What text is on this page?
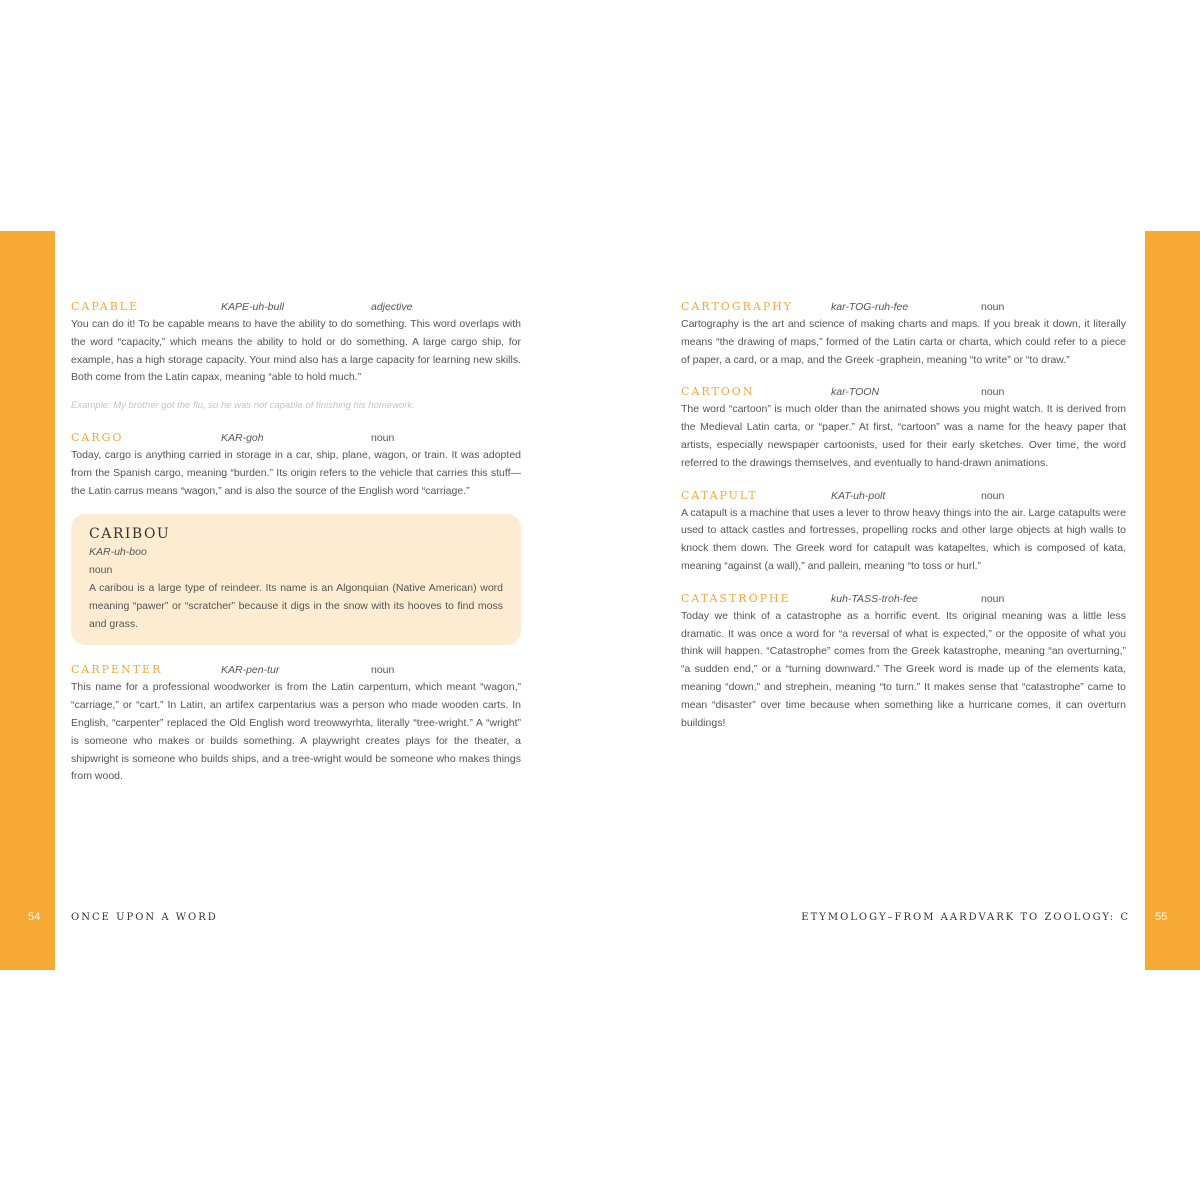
CAPABLE	KAPE-uh-bull	adjective

You can do it! To be capable means to have the ability to do something. This word overlaps with the word “capacity,” which means the ability to hold or do something. A large cargo ship, for example, has a high storage capacity. Your mind also has a large capacity for learning new skills. Both come from the Latin capax, meaning “able to hold much.”

Example: My brother got the flu, so he was not capable of finishing his homework.
CARGO	KAR-goh	noun

Today, cargo is anything carried in storage in a car, ship, plane, wagon, or train. It was adopted from the Spanish cargo, meaning “burden.” Its origin refers to the vehicle that carries this stuff—the Latin carrus means “wagon,” and is also the source of the English word “carriage.”

CARIBOU
KAR-uh-boo
noun

A caribou is a large type of reindeer. Its name is an Algonquian (Native American) word meaning “pawer” or “scratcher” because it digs in the snow with its hooves to find moss and grass.

CARPENTER	KAR-pen-tur	noun

This name for a professional woodworker is from the Latin carpentum, which meant “wagon,” “carriage,” or “cart.” In Latin, an artifex carpentarius was a person who made wooden carts. In English, “carpenter” replaced the Old English word treowwyrhta, literally “tree-wright.” A “wright” is someone who makes or builds something. A playwright creates plays for the theater, a shipwright is someone who builds ships, and a tree-wright would be someone who makes things from wood.

CARTOGRAPHY	kar-TOG-ruh-fee	noun

Cartography is the art and science of making charts and maps. If you break it down, it literally means “the drawing of maps,” formed of the Latin carta or charta, which could refer to a piece of paper, a card, or a map, and the Greek -graphein, meaning “to write” or “to draw.”

CARTOON	kar-TOON	noun

The word “cartoon” is much older than the animated shows you might watch. It is derived from the Medieval Latin carta, or “paper.” At first, “cartoon” was a name for the heavy paper that artists, especially newspaper cartoonists, used for their early sketches. Over time, the word referred to the drawings themselves, and eventually to hand-drawn animations.

CATAPULT	KAT-uh-polt	noun

A catapult is a machine that uses a lever to throw heavy things into the air. Large catapults were used to attack castles and fortresses, propelling rocks and other large objects at high walls to knock them down. The Greek word for catapult was katapeltes, which is composed of kata, meaning “against (a wall),” and pallein, meaning “to toss or hurl.”

CATASTROPHE	kuh-TASS-troh-fee	noun

Today we think of a catastrophe as a horrific event. Its original meaning was a little less dramatic. It was once a word for “a reversal of what is expected,” or the opposite of what you think will happen. “Catastrophe” comes from the Greek katastrophe, meaning “an overturning,” “a sudden end,” or a “turning downward.” The Greek word is made up of the elements kata, meaning “down,” and strephein, meaning “to turn.” It makes sense that “catastrophe” came to mean “disaster” over time because when something like a hurricane comes, it can overturn buildings!

54	ONCE UPON A WORD	ETYMOLOGY–FROM AARDVARK TO ZOOLOGY: C 55
